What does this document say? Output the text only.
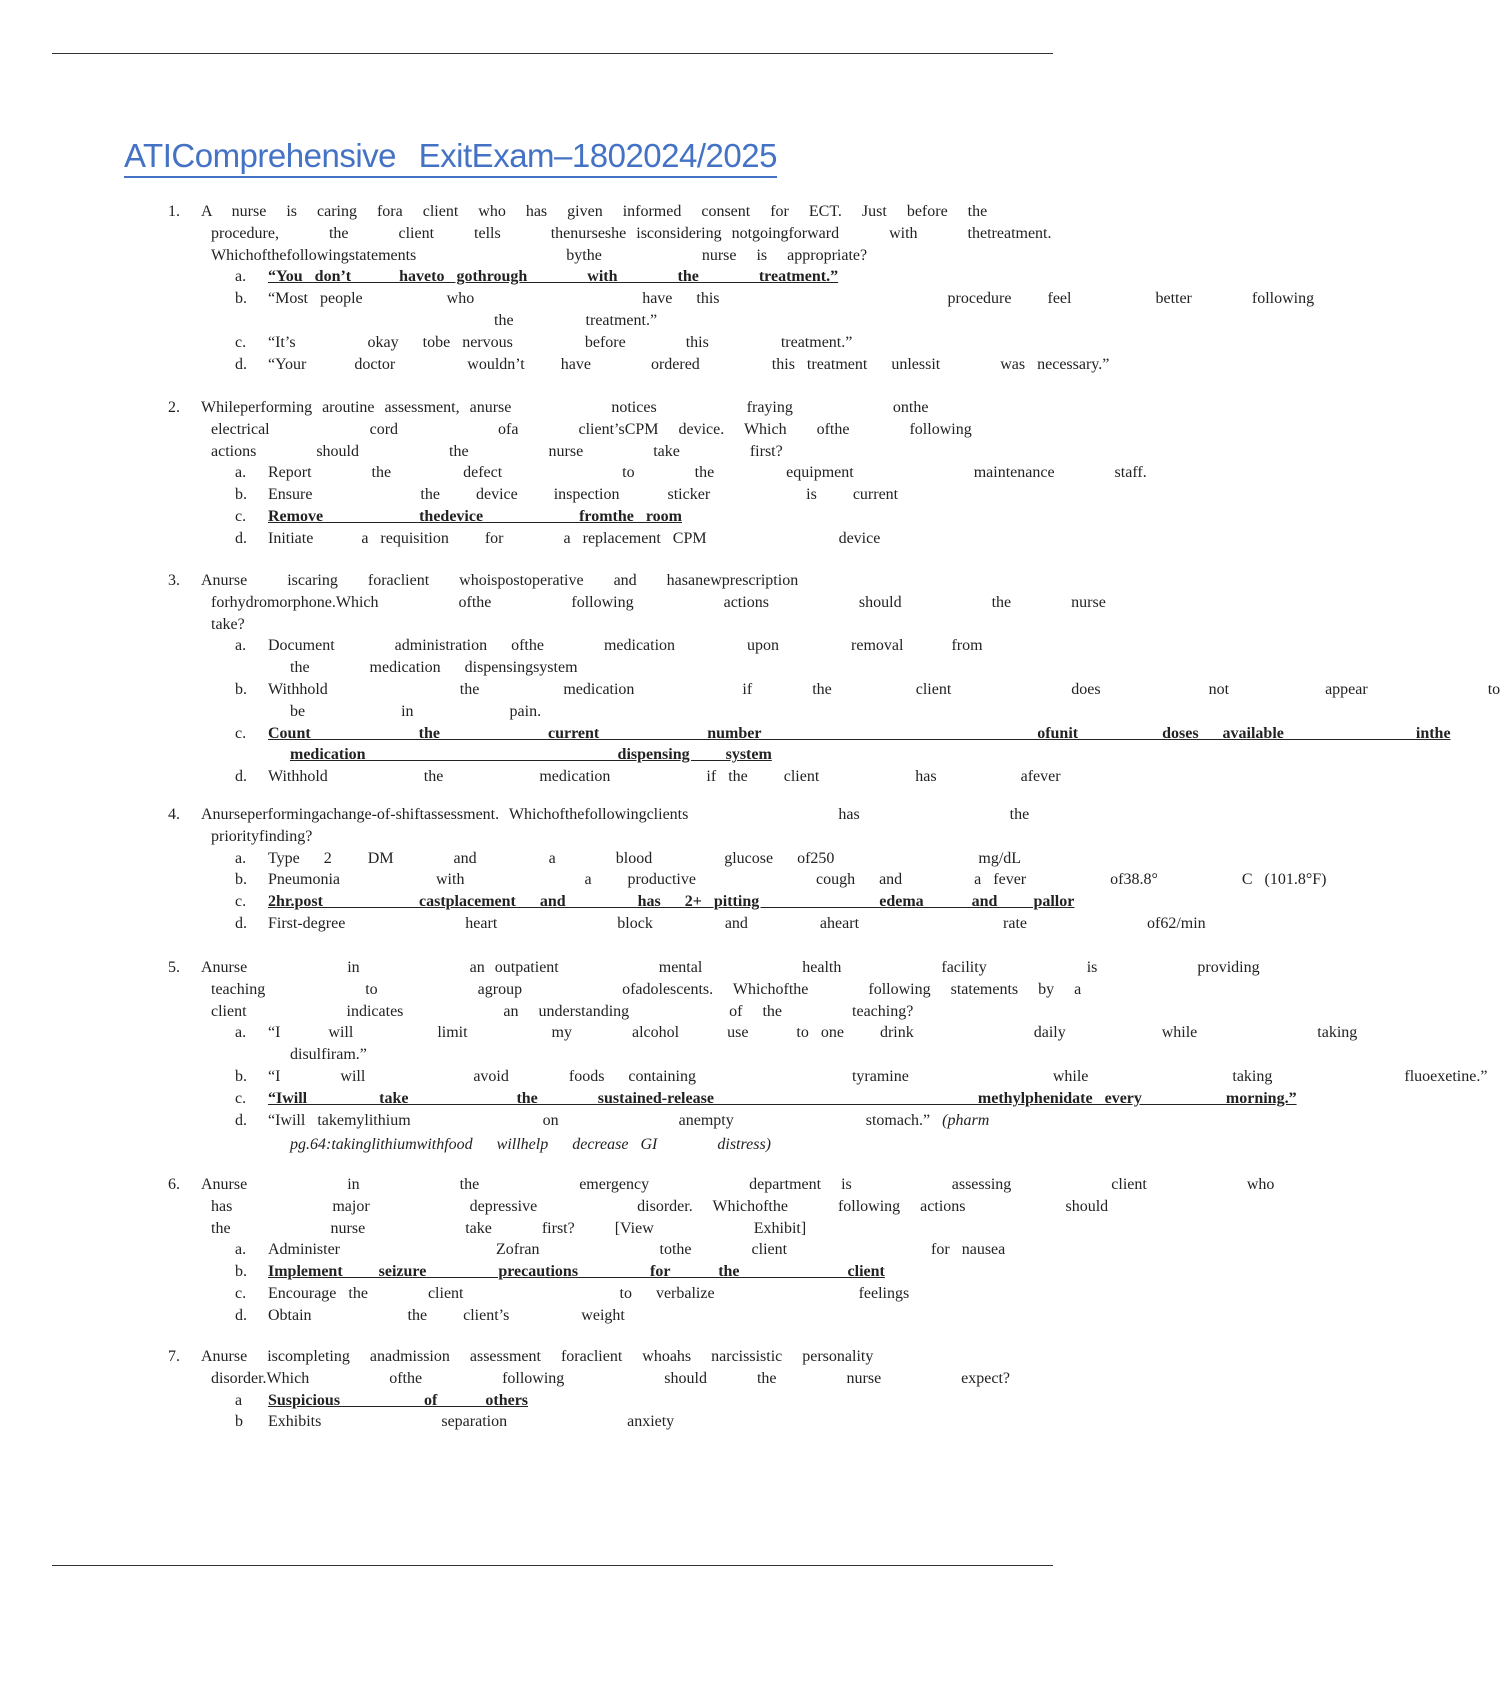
ATIComprehensive ExitExam–1802024/2025
1. A  nurse  is  caring  fora  client  who  has  given  informed  consent  for  ECT.  Just  before  the
procedure,     the     client    tells     thenurseshe isconsidering notgoingforward     with     thetreatment.
Whichofthefollowingstatements               bythe          nurse  is  appropriate?
a. “You don’t    haveto gothrough     with     the     treatment.”
b. “Most people       who              have  this                   procedure   feel       better     following
the      treatment.”
c. “It’s      okay  tobe nervous      before     this      treatment.”
d. “Your    doctor      wouldn’t   have     ordered      this treatment  unlessit     was necessary.”
2. Whileperforming aroutine assessment, anurse          notices         fraying          onthe
electrical          cord          ofa      client’sCPM  device.  Which   ofthe      following
actions      should         the        nurse       take       first?
a. Report     the      defect          to     the      equipment          maintenance     staff.
b. Ensure         the   device   inspection    sticker        is   current
c. Remove        thedevice        fromthe room
d. Initiate    a requisition   for     a replacement CPM           device
3. Anurse    iscaring   foraclient   whoispostoperative   and   hasanewprescription
forhydromorphone.Which        ofthe        following         actions         should         the      nurse
take?
a. Document     administration  ofthe     medication      upon      removal    from
the     medication  dispensingsystem
b. Withhold           the       medication         if     the       client          does         not        appear          to
be        in        pain.
c. Count         the         current         number                       ofunit       doses  available           inthe
medication                     dispensing   system
d. Withhold        the        medication        if the   client        has       afever
4. Anurseperformingachange-of-shiftassessment. Whichofthefollowingclients               has               the
priorityfinding?
a. Type  2   DM     and      a     blood      glucose  of250            mg/dL
b. Pneumonia        with          a   productive          cough  and      a fever       of38.8°       C (101.8°F)
c. 2hr.post        castplacement  and      has  2+ pitting          edema    and   pallor
d. First-degree          heart          block      and      aheart            rate          of62/min
5. Anurse          in           an outpatient          mental          health          facility          is          providing
teaching          to          agroup          ofadolescents.  Whichofthe      following  statements  by  a
client          indicates          an  understanding          of  the       teaching?
a. “I    will       limit       my     alcohol    use    to one   drink          daily        while          taking
disulfiram.”
b. “I     will         avoid     foods  containing             tyramine            while            taking           fluoexetine.”
c. “Iwill      take         the     sustained-release                      methylphenidate every       morning.”
d. “Iwill takemylithium           on          anempty           stomach.” (pharm
pg.64:takinglithiumwithfood  willhelp  decrease GI     distress)
6. Anurse          in          the          emergency          department  is          assessing          client          who
has          major          depressive          disorder.  Whichofthe     following  actions          should
the          nurse          take     first?    [View          Exhibit]
a. Administer             Zofran          tothe     client            for nausea
b. Implement   seizure      precautions      for    the         client
c. Encourage the     client             to  verbalize            feelings
d. Obtain        the   client’s      weight
7. Anurse  iscompleting  anadmission  assessment  foraclient  whoahs  narcissistic  personality
disorder.Which        ofthe        following          should     the       nurse        expect?
a Suspicious       of    others
b Exhibits          separation          anxiety
